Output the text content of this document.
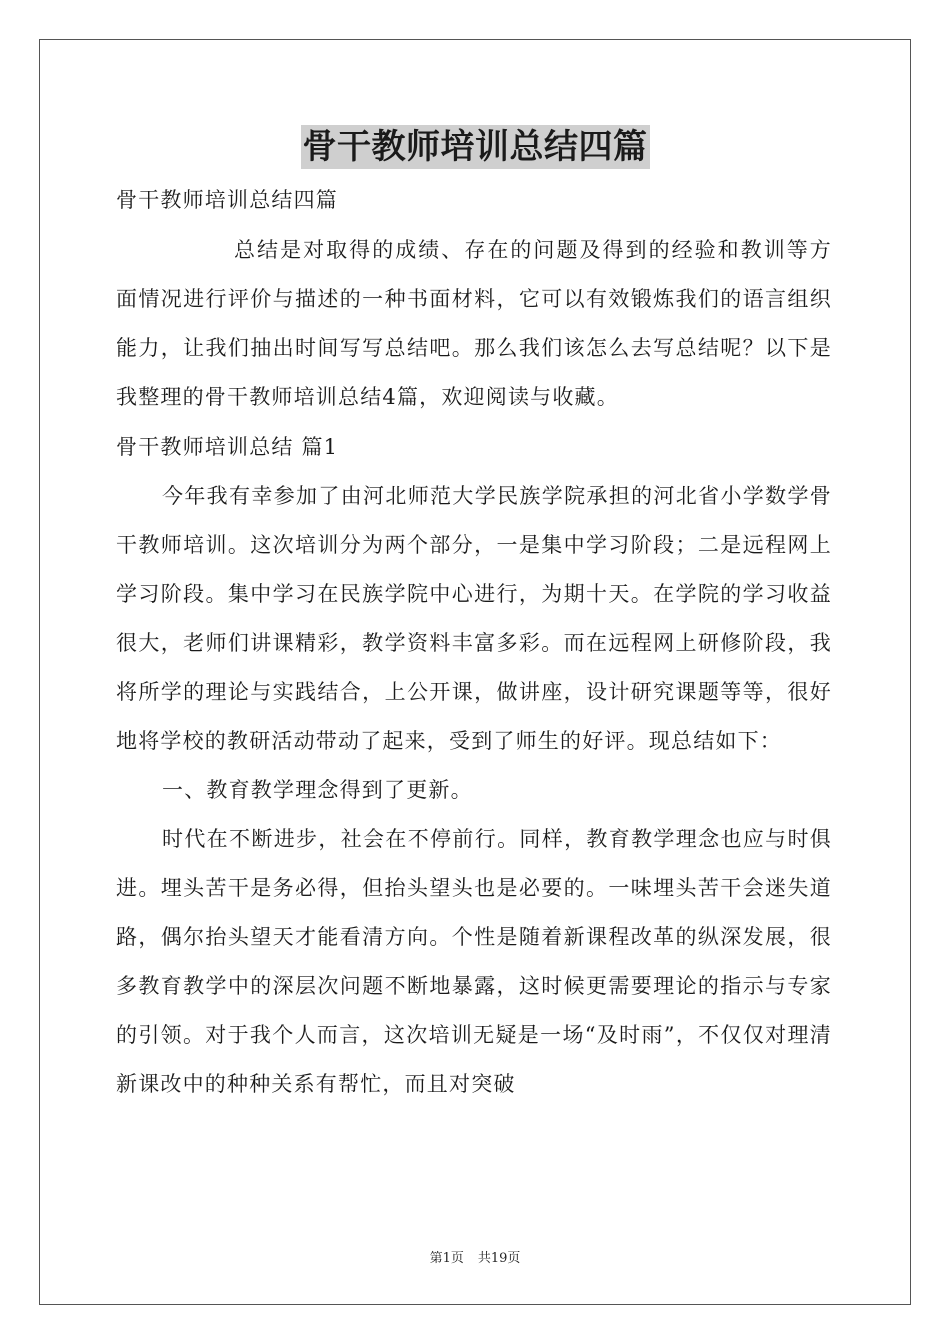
骨干教师培训总结四篇

骨干教师培训总结四篇

总结是对取得的成绩、存在的问题及得到的经验和教训等方面情况进行评价与描述的一种书面材料，它可以有效锻炼我们的语言组织能力，让我们抽出时间写写总结吧。那么我们该怎么去写总结呢？以下是我整理的骨干教师培训总结4篇，欢迎阅读与收藏。

骨干教师培训总结 篇1

今年我有幸参加了由河北师范大学民族学院承担的河北省小学数学骨干教师培训。这次培训分为两个部分，一是集中学习阶段；二是远程网上学习阶段。集中学习在民族学院中心进行，为期十天。在学院的学习收益很大，老师们讲课精彩，教学资料丰富多彩。而在远程网上研修阶段，我将所学的理论与实践结合，上公开课，做讲座，设计研究课题等等，很好地将学校的教研活动带动了起来，受到了师生的好评。现总结如下：

一、教育教学理念得到了更新。

时代在不断进步，社会在不停前行。同样，教育教学理念也应与时俱进。埋头苦干是务必得，但抬头望头也是必要的。一味埋头苦干会迷失道路，偶尔抬头望天才能看清方向。个性是随着新课程改革的纵深发展，很多教育教学中的深层次问题不断地暴露，这时候更需要理论的指示与专家的引领。对于我个人而言，这次培训无疑是一场“及时雨”，不仅仅对理清新课改中的种种关系有帮忙，而且对突破

第1页 共19页
